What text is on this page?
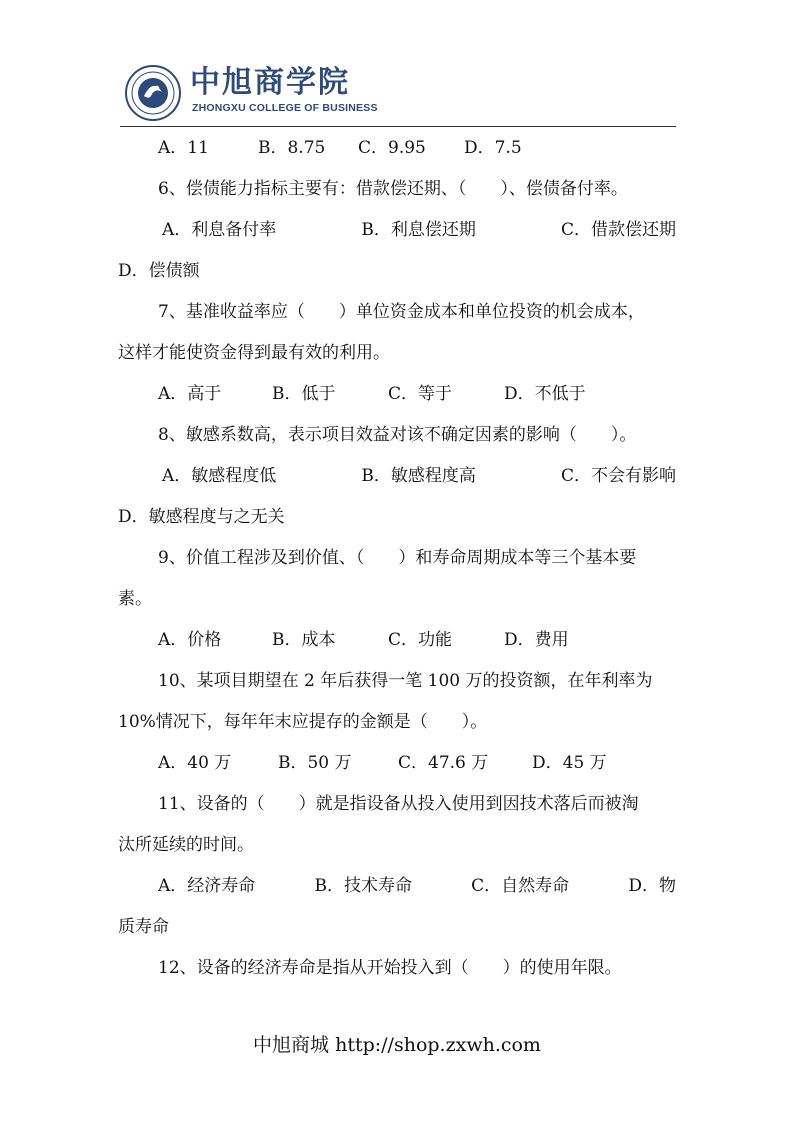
中旭商学院
ZHONGXU COLLEGE OF BUSINESS
A．11	B．8.75 C．9.95 D．7.5
6、偿债能力指标主要有：借款偿还期、（　　）、偿债备付率。
A．利息备付率	B．利息偿还期	C．借款偿还期
D．偿债额
7、基准收益率应（　　）单位资金成本和单位投资的机会成本，
这样才能使资金得到最有效的利用。
A．高于	B．低于	C．等于	D．不低于
8、敏感系数高，表示项目效益对该不确定因素的影响（　　）。
A．敏感程度低	B．敏感程度高	C．不会有影响
D．敏感程度与之无关
9、价值工程涉及到价值、（　　）和寿命周期成本等三个基本要
素。
A．价格	B．成本	C．功能	D．费用
10、某项目期望在 2 年后获得一笔 100 万的投资额，在年利率为
10%情况下，每年年末应提存的金额是（　　）。
A．40 万	B．50 万	C．47.6 万	D．45 万
11、设备的（　　）就是指设备从投入使用到因技术落后而被淘
汰所延续的时间。
A．经济寿命	B．技术寿命	C．自然寿命	D．物
质寿命
12、设备的经济寿命是指从开始投入到（　　）的使用年限。
中旭商城 http://shop.zxwh.com
